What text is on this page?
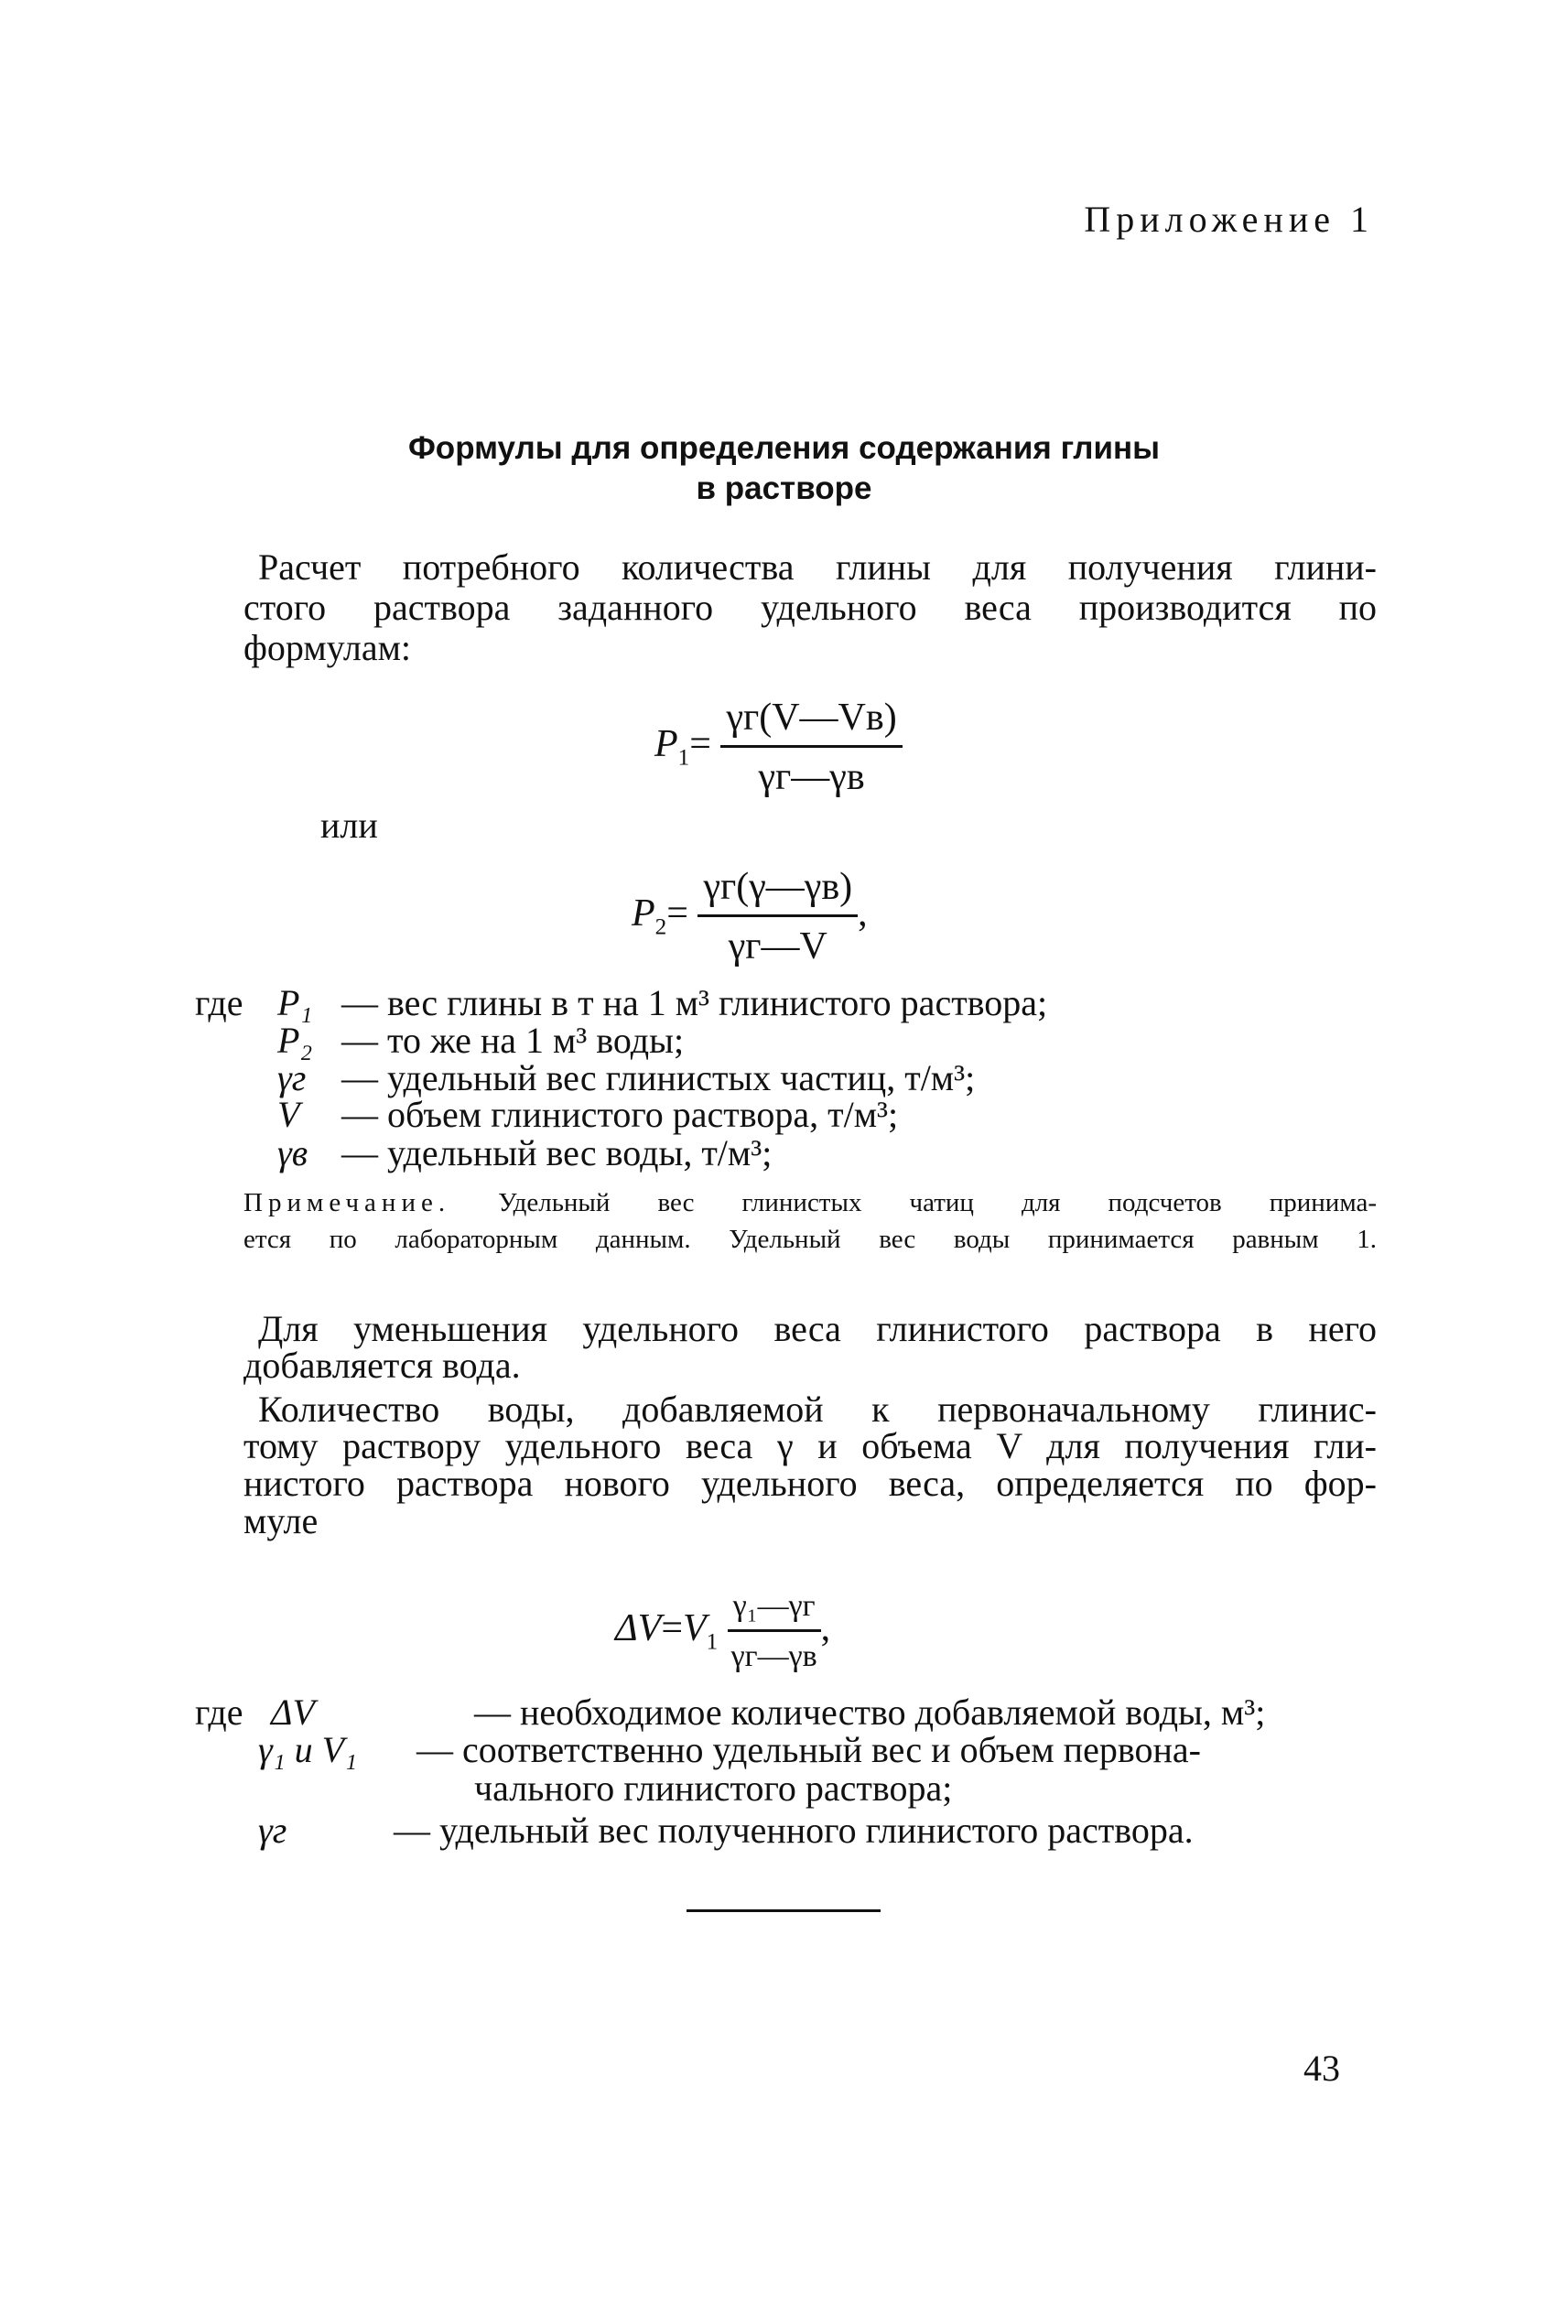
Приложение 1
Формулы для определения содержания глины
в растворе
Расчет потребного количества глины для получения глини-
стого раствора заданного удельного веса производится по
формулам:
$P_1= \frac{\gamma г(V—Vв)}{\gamma г—\gamma в}$
или
$P_2= \frac{\gamma г(\gamma—\gamma в)}{\gamma г—V}$ ,
где P₁ — вес глины в т на 1 м³ глинистого раствора;
P₂ — то же на 1 м³ воды;
γг — удельный вес глинистых частиц, т/м³;
V — объем глинистого раствора, т/м³;
γв — удельный вес воды, т/м³;
Примечание. Удельный вес глинистых чатиц для подсчетов принима-
ется по лабораторным данным. Удельный вес воды принимается равным 1.
Для уменьшения удельного веса глинистого раствора в него
добавляется вода.
Количество воды, добавляемой к первоначальному глинис-
тому раствору удельного веса γ и объема V для получения гли-
нистого раствора нового удельного веса, определяется по фор-
муле
$\Delta V=V_1 \frac{\text{γ₁—γг}}{\gamma г—\gamma в}$ ,
где ΔV	— необходимое количество добавляемой воды, м³;
γ₁ и V₁ — соответственно удельный вес и объем первона-
чального глинистого раствора;
γг	— удельный вес полученного глинистого раствора.
43
